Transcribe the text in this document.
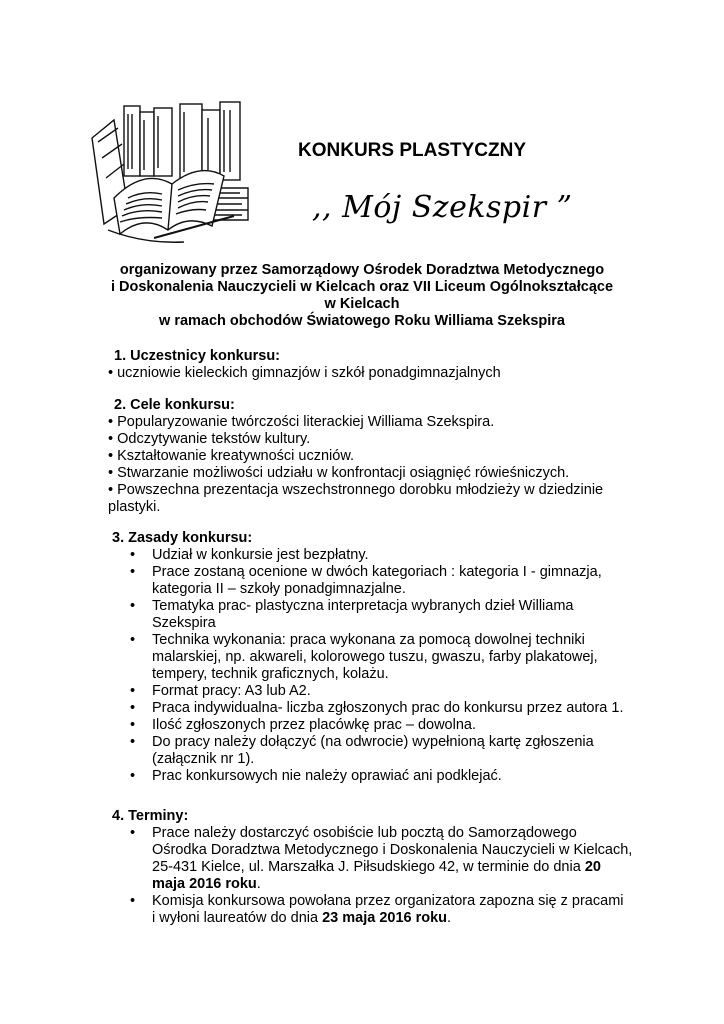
KONKURS PLASTYCZNY
,, Mój Szekspir ”
organizowany przez Samorządowy Ośrodek Doradztwa Metodycznego
i Doskonalenia Nauczycieli w Kielcach oraz VII Liceum Ogólnokształcące
w Kielcach
w ramach obchodów Światowego Roku Williama Szekspira
1. Uczestnicy konkursu:
• uczniowie kieleckich gimnazjów i szkół ponadgimnazjalnych
2. Cele konkursu:
• Popularyzowanie twórczości literackiej Williama Szekspira.
• Odczytywanie tekstów kultury.
• Kształtowanie kreatywności uczniów.
• Stwarzanie możliwości udziału w konfrontacji osiągnięć rówieśniczych.
• Powszechna prezentacja wszechstronnego dorobku młodzieży w dziedzinie
plastyki.
3. Zasady konkursu:
• Udział w konkursie jest bezpłatny.
• Prace zostaną ocenione w dwóch kategoriach : kategoria I - gimnazja,
kategoria II – szkoły ponadgimnazjalne.
• Tematyka prac- plastyczna interpretacja wybranych dzieł Williama
Szekspira
• Technika wykonania: praca wykonana za pomocą dowolnej techniki
malarskiej, np. akwareli, kolorowego tuszu, gwaszu, farby plakatowej,
tempery, technik graficznych, kolażu.
• Format pracy: A3 lub A2.
• Praca indywidualna- liczba zgłoszonych prac do konkursu przez autora 1.
• Ilość zgłoszonych przez placówkę prac – dowolna.
• Do pracy należy dołączyć (na odwrocie) wypełnioną kartę zgłoszenia
(załącznik nr 1).
• Prac konkursowych nie należy oprawiać ani podklejać.
4. Terminy:
• Prace należy dostarczyć osobiście lub pocztą do Samorządowego
Ośrodka Doradztwa Metodycznego i Doskonalenia Nauczycieli w Kielcach,
25-431 Kielce, ul. Marszałka J. Piłsudskiego 42, w terminie do dnia 20
maja 2016 roku.
• Komisja konkursowa powołana przez organizatora zapozna się z pracami
i wyłoni laureatów do dnia 23 maja 2016 roku.
